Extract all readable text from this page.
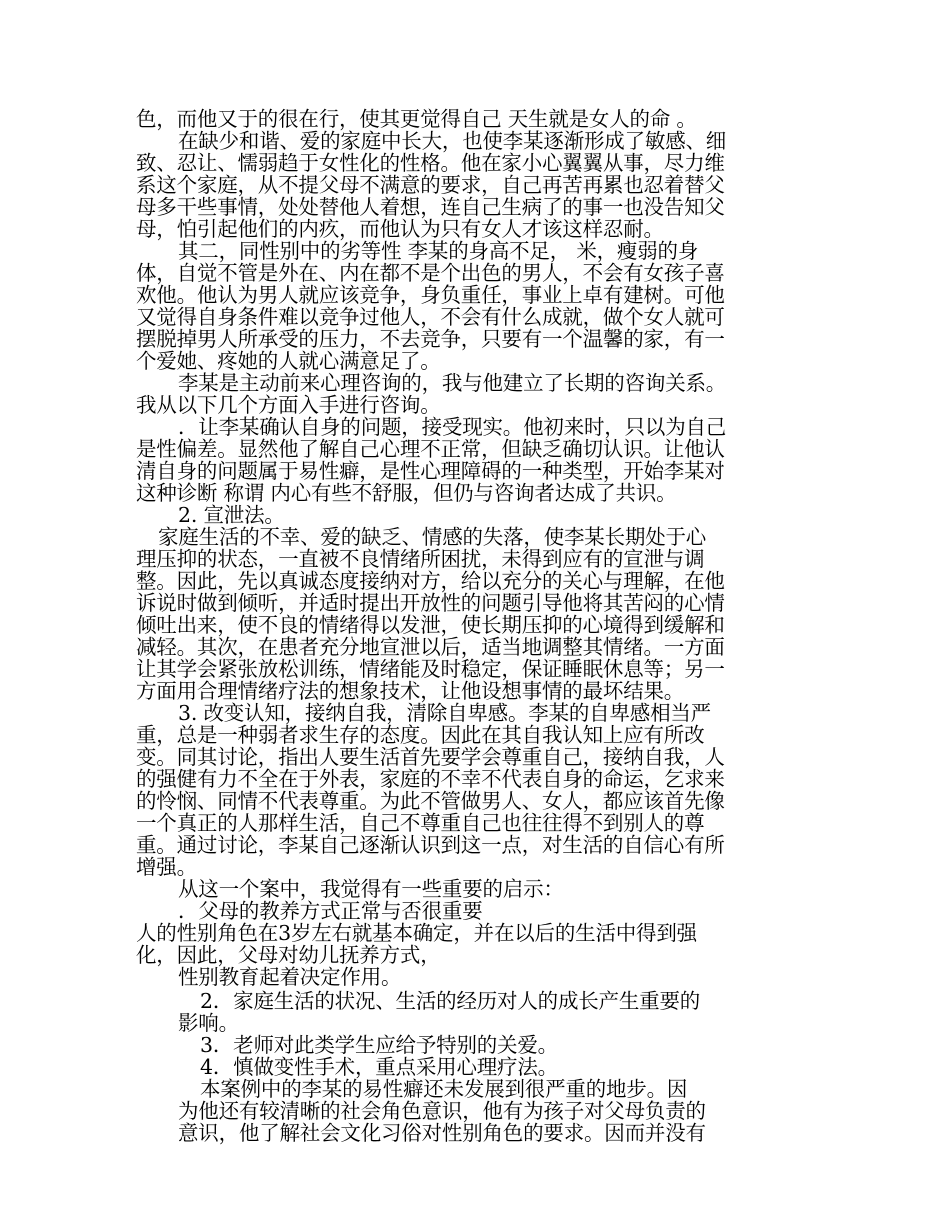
色，而他又于的很在行，使其更觉得自己 天生就是女人的命 。
在缺少和谐、爱的家庭中长大，也使李某逐渐形成了敏感、细
致、忍让、懦弱趋于女性化的性格。他在家小心翼翼从事，尽力维
系这个家庭，从不提父母不满意的要求，自己再苦再累也忍着替父
母多干些事情，处处替他人着想，连自己生病了的事一也没告知父
母，怕引起他们的内疚，而他认为只有女人才该这样忍耐。
其二，同性别中的劣等性 李某的身高不足， 米，瘦弱的身
体，自觉不管是外在、内在都不是个出色的男人，不会有女孩子喜
欢他。他认为男人就应该竞争，身负重任，事业上卓有建树。可他
又觉得自身条件难以竞争过他人，不会有什么成就，做个女人就可
摆脱掉男人所承受的压力，不去竞争，只要有一个温馨的家，有一
个爱她、疼她的人就心满意足了。
李某是主动前来心理咨询的，我与他建立了长期的咨询关系。
我从以下几个方面入手进行咨询。
．让李某确认自身的问题，接受现实。他初来时，只以为自己
是性偏差。显然他了解自己心理不正常，但缺乏确切认识。让他认
清自身的问题属于易性癖，是性心理障碍的一种类型，开始李某对
这种诊断 称谓 内心有些不舒服，但仍与咨询者达成了共识。
2. 宣泄法。
家庭生活的不幸、爱的缺乏、情感的失落，使李某长期处于心
理压抑的状态，一直被不良情绪所困扰，未得到应有的宣泄与调
整。因此，先以真诚态度接纳对方，给以充分的关心与理解，在他
诉说时做到倾听，并适时提出开放性的问题引导他将其苦闷的心情
倾吐出来，使不良的情绪得以发泄，使长期压抑的心境得到缓解和
减轻。其次，在患者充分地宣泄以后，适当地调整其情绪。一方面
让其学会紧张放松训练，情绪能及时稳定，保证睡眠休息等；另一
方面用合理情绪疗法的想象技术，让他设想事情的最坏结果。
3. 改变认知，接纳自我，清除自卑感。李某的自卑感相当严
重，总是一种弱者求生存的态度。因此在其自我认知上应有所改
变。同其讨论，指出人要生活首先要学会尊重自己，接纳自我，人
的强健有力不全在于外表，家庭的不幸不代表自身的命运，乞求来
的怜悯、同情不代表尊重。为此不管做男人、女人，都应该首先像
一个真正的人那样生活，自己不尊重自己也往往得不到别人的尊
重。通过讨论，李某自己逐渐认识到这一点，对生活的自信心有所
增强。
从这一个案中，我觉得有一些重要的启示：
．父母的教养方式正常与否很重要
人的性别角色在3岁左右就基本确定，并在以后的生活中得到强
化，因此，父母对幼儿抚养方式，
性别教育起着决定作用。
2．家庭生活的状况、生活的经历对人的成长产生重要的
影响。
3．老师对此类学生应给予特别的关爱。
4．慎做变性手术，重点采用心理疗法。
本案例中的李某的易性癖还未发展到很严重的地步。因
为他还有较清晰的社会角色意识，他有为孩子对父母负责的
意识，他了解社会文化习俗对性别角色的要求。因而并没有
